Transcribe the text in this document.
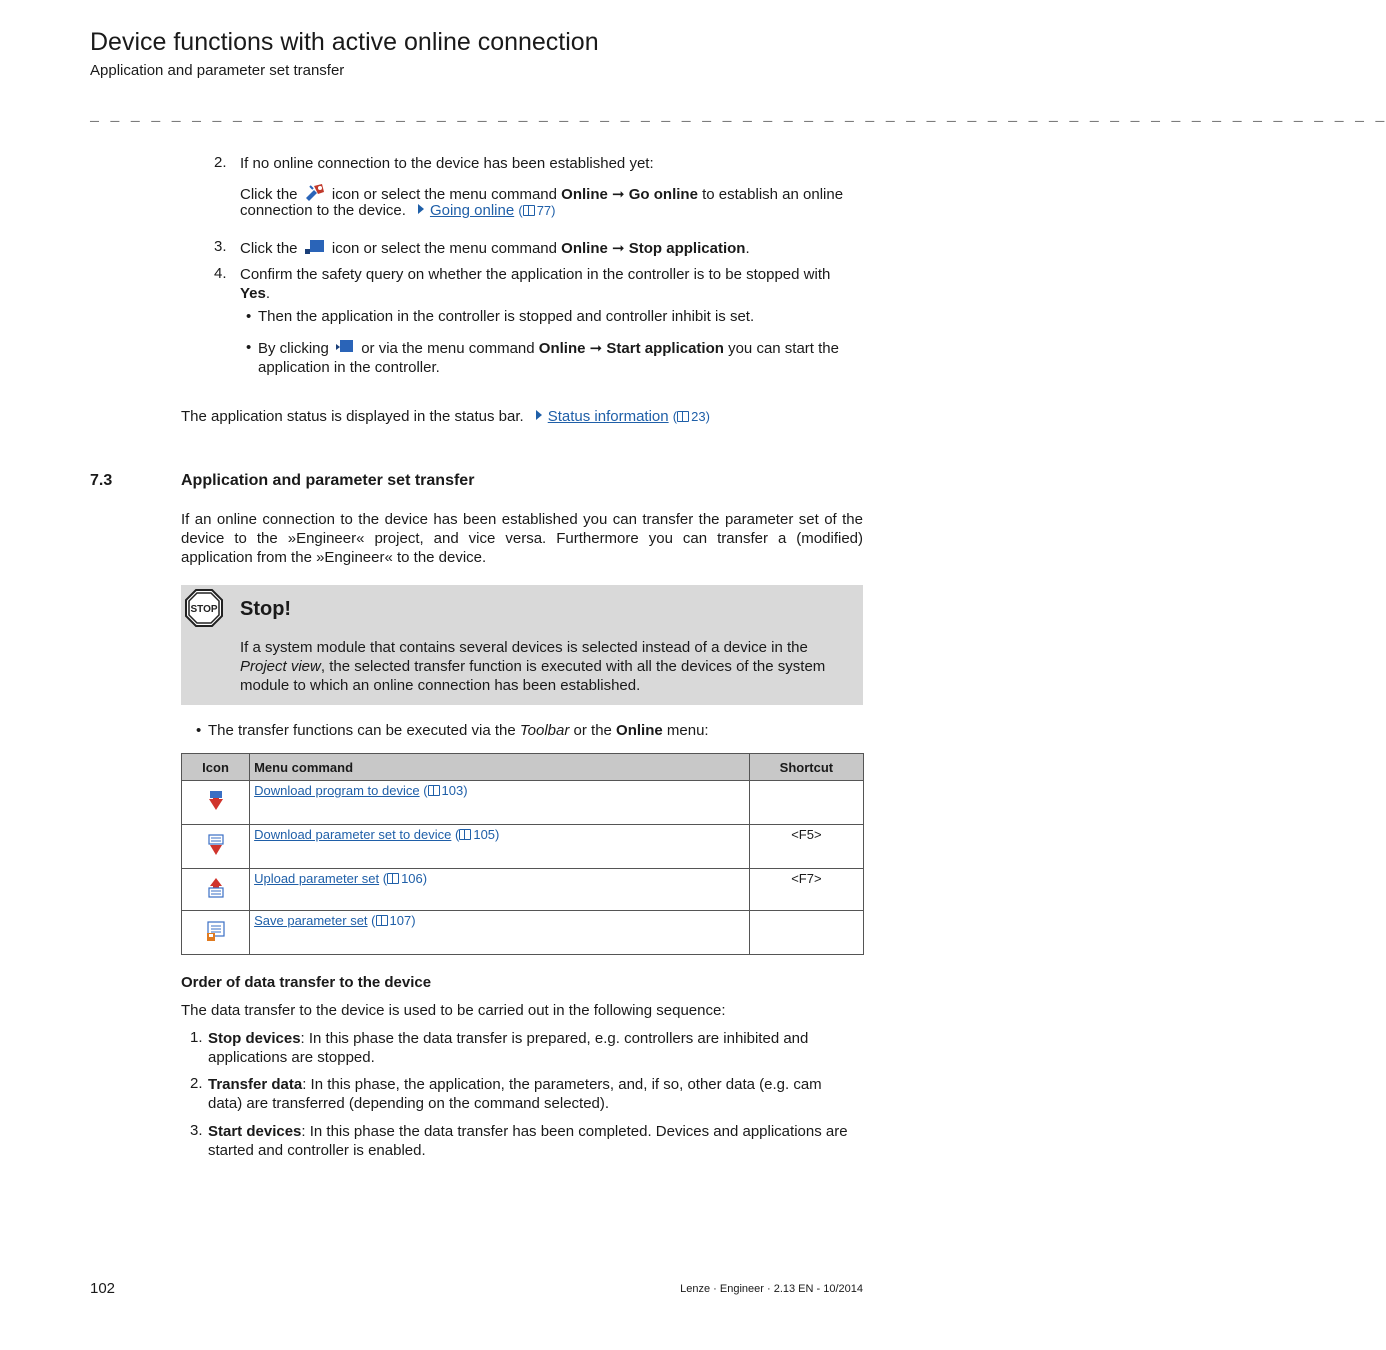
Device functions with active online connection
Application and parameter set transfer
_ _ _ _ _ _ _ _ _ _ _ _ _ _ _ _ _ _ _ _ _ _ _ _ _ _ _ _ _ _ _ _ _ _ _ _ _ _ _ _ _ _ _ _ _ _ _ _ _ _ _ _ _ _ _ _ _ _ _ _ _ _ _ _
2. If no online connection to the device has been established yet:
Click the icon or select the menu command Online ➞ Go online to establish an online
connection to the device. Going online ( 77)
3. Click the icon or select the menu command Online ➞ Stop application.
4. Confirm the safety query on whether the application in the controller is to be stopped with
Yes.
• Then the application in the controller is stopped and controller inhibit is set.
• By clicking or via the menu command Online ➞ Start application you can start the
application in the controller.
The application status is displayed in the status bar. Status information ( 23)
7.3	Application and parameter set transfer
If an online connection to the device has been established you can transfer the parameter set of the
device to the »Engineer« project, and vice versa. Furthermore you can transfer a (modified)
application from the »Engineer« to the device.
STOP Stop!
If a system module that contains several devices is selected instead of a device in the
Project view, the selected transfer function is executed with all the devices of the system
module to which an online connection has been established.
• The transfer functions can be executed via the Toolbar or the Online menu:
Icon	Menu command	Shortcut
	Download program to device ( 103)	
	Download parameter set to device ( 105)	<F5>
	Upload parameter set ( 106)	<F7>
	Save parameter set ( 107)	
Order of data transfer to the device
The data transfer to the device is used to be carried out in the following sequence:
1. Stop devices: In this phase the data transfer is prepared, e.g. controllers are inhibited and
applications are stopped.
2. Transfer data: In this phase, the application, the parameters, and, if so, other data (e.g. cam
data) are transferred (depending on the command selected).
3. Start devices: In this phase the data transfer has been completed. Devices and applications are
started and controller is enabled.
102	Lenze · Engineer · 2.13 EN - 10/2014
